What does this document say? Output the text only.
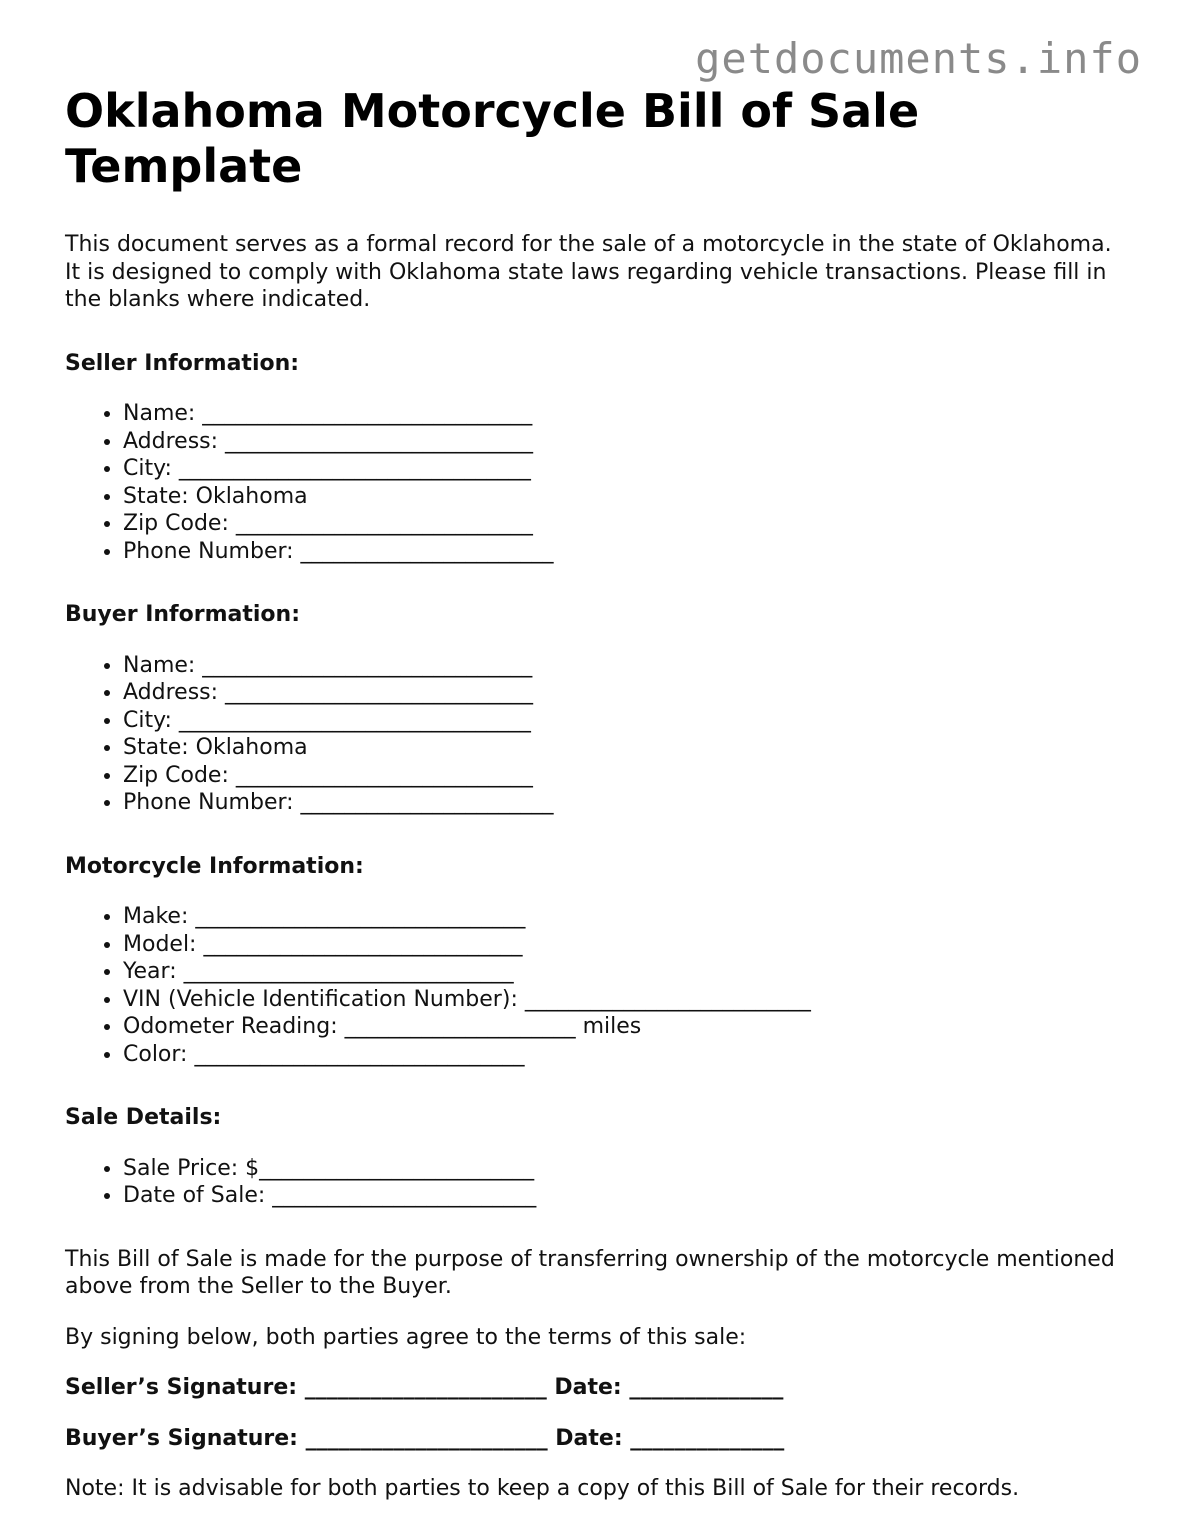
getdocuments.info
Oklahoma Motorcycle Bill of Sale Template

This document serves as a formal record for the sale of a motorcycle in the state of Oklahoma. It is designed to comply with Oklahoma state laws regarding vehicle transactions. Please fill in the blanks where indicated.

Seller Information:
• Name: ______________________________
• Address: ____________________________
• City: ________________________________
• State: Oklahoma
• Zip Code: ___________________________
• Phone Number: _______________________
Buyer Information:
• Name: ______________________________
• Address: ____________________________
• City: ________________________________
• State: Oklahoma
• Zip Code: ___________________________
• Phone Number: _______________________
Motorcycle Information:
• Make: ______________________________
• Model: _____________________________
• Year: ______________________________
• VIN (Vehicle Identification Number): __________________________
• Odometer Reading: _____________________ miles
• Color: ______________________________
Sale Details:
• Sale Price: $_________________________
• Date of Sale: ________________________

This Bill of Sale is made for the purpose of transferring ownership of the motorcycle mentioned above from the Seller to the Buyer.

By signing below, both parties agree to the terms of this sale:

Seller’s Signature: ______________________ Date: ______________

Buyer’s Signature: ______________________ Date: ______________

Note: It is advisable for both parties to keep a copy of this Bill of Sale for their records.
